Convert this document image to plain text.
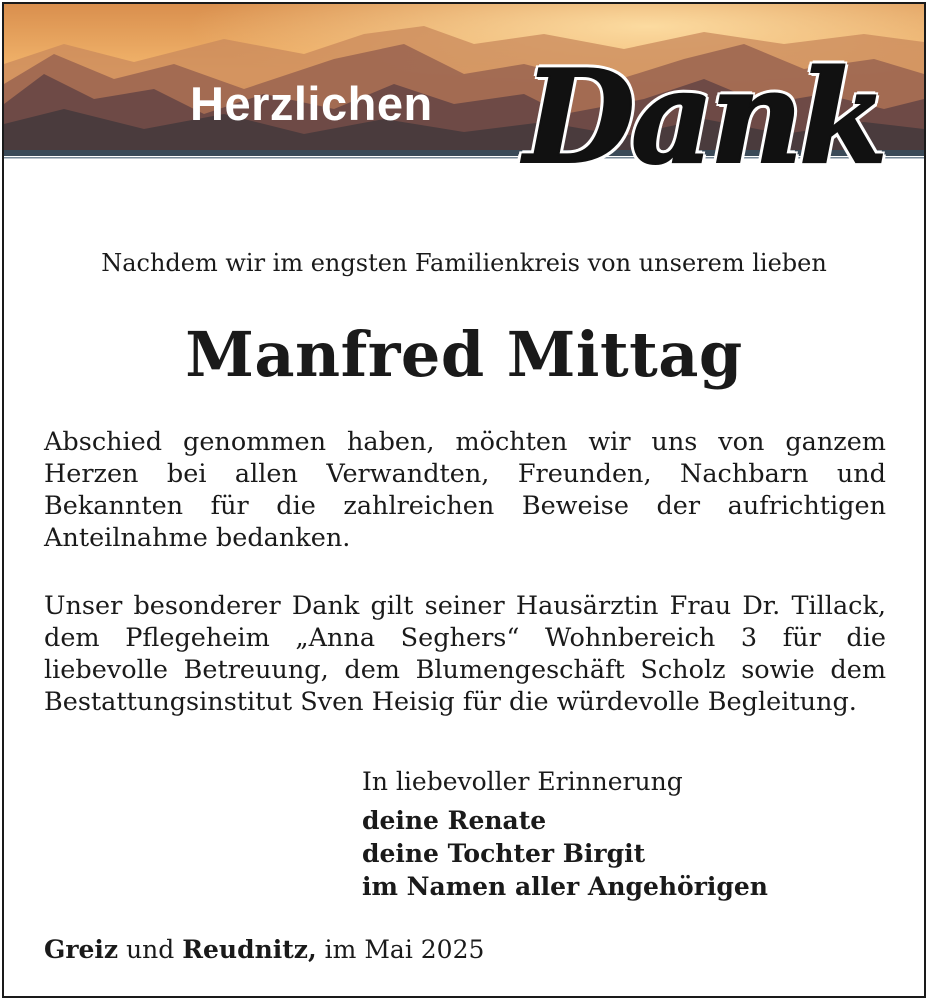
Herzlichen Dank
Nachdem wir im engsten Familienkreis von unserem lieben
Manfred Mittag
Abschied genommen haben, möchten wir uns von ganzem Herzen bei allen Verwandten, Freunden, Nachbarn und Bekannten für die zahlreichen Beweise der aufrichtigen Anteilnahme bedanken.
Unser besonderer Dank gilt seiner Hausärztin Frau Dr. Tillack, dem Pflegeheim „Anna Seghers“ Wohnbereich 3 für die liebevolle Betreuung, dem Blumengeschäft Scholz sowie dem Bestattungsinstitut Sven Heisig für die würdevolle Begleitung.
In liebevoller Erinnerung
deine Renate
deine Tochter Birgit
im Namen aller Angehörigen
Greiz und Reudnitz, im Mai 2025
